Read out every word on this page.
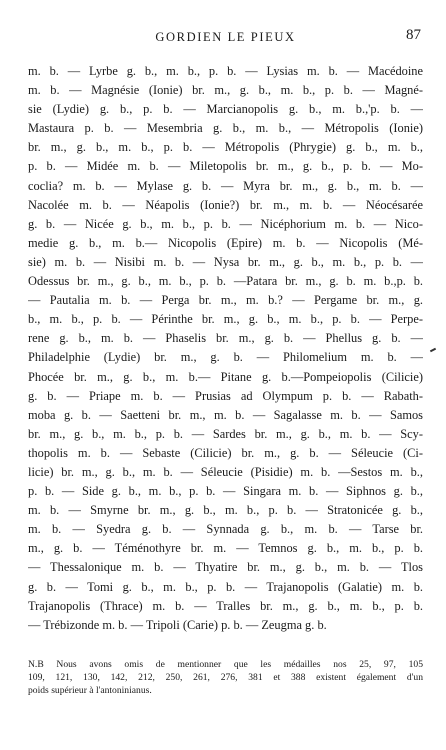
GORDIEN LE PIEUX	87
m. b. — Lyrbe g. b., m. b., p. b. — Lysias m. b. — Macédoine
m. b. — Magnésie (Ionie) br. m., g. b., m. b., p. b. — Magné-
sie (Lydie) g. b., p. b. — Marcianopolis g. b., m. b.,'p. b. —
Mastaura p. b. — Mesembria g. b., m. b., — Métropolis (Ionie)
br. m., g. b., m. b., p. b. — Métropolis (Phrygie) g. b., m. b.,
p. b. — Midée m. b. — Miletopolis br. m., g. b., p. b. — Mo-
coclia? m. b. — Mylase g. b. — Myra br. m., g. b., m. b. —
Nacolée m. b. — Néapolis (Ionie?) br. m., m. b. — Néocésarée
g. b. — Nicée g. b., m. b., p. b. — Nicéphorium m. b. — Nico-
medie g. b., m. b.— Nicopolis (Epire) m. b. — Nicopolis (Mé-
sie) m. b. — Nisibi m. b. — Nysa br. m., g. b., m. b., p. b. —
Odessus br. m., g. b., m. b., p. b. —Patara br. m., g. b. m. b.,p. b.
— Pautalia m. b. — Perga br. m., m. b.? — Pergame br. m., g.
b., m. b., p. b. — Périnthe br. m., g. b., m. b., p. b. — Perpe-
rene g. b., m. b. — Phaselis br. m., g. b. — Phellus g. b. —
Philadelphie (Lydie) br. m., g. b. — Philomelium m. b. —
Phocée br. m., g. b., m. b.— Pitane g. b.—Pompeiopolis (Cilicie)
g. b. — Priape m. b. — Prusias ad Olympum p. b. — Rabath-
moba g. b. — Saetteni br. m., m. b. — Sagalasse m. b. — Samos
br. m., g. b., m. b., p. b. — Sardes br. m., g. b., m. b. — Scy-
thopolis m. b. — Sebaste (Cilicie) br. m., g. b. — Séleucie (Ci-
licie) br. m., g. b., m. b. — Séleucie (Pisidie) m. b. —Sestos m. b.,
p. b. — Side g. b., m. b., p. b. — Singara m. b. — Siphnos g. b.,
m. b. — Smyrne br. m., g. b., m. b., p. b. — Stratonicée g. b.,
m. b. — Syedra g. b. — Synnada g. b., m. b. — Tarse br.
m., g. b. — Téménothyre br. m. — Temnos g. b., m. b., p. b.
— Thessalonique m. b. — Thyatire br. m., g. b., m. b. — Tlos
g. b. — Tomi g. b., m. b., p. b. — Trajanopolis (Galatie) m. b.
Trajanopolis (Thrace) m. b. — Tralles br. m., g. b., m. b., p. b.
— Trébizonde m. b. — Tripoli (Carie) p. b. — Zeugma g. b.
N.B Nous avons omis de mentionner que les médailles nos 25, 97, 105
109, 121, 130, 142, 212, 250, 261, 276, 381 et 388 existent également d'un
poids supérieur à l'antoninianus.
